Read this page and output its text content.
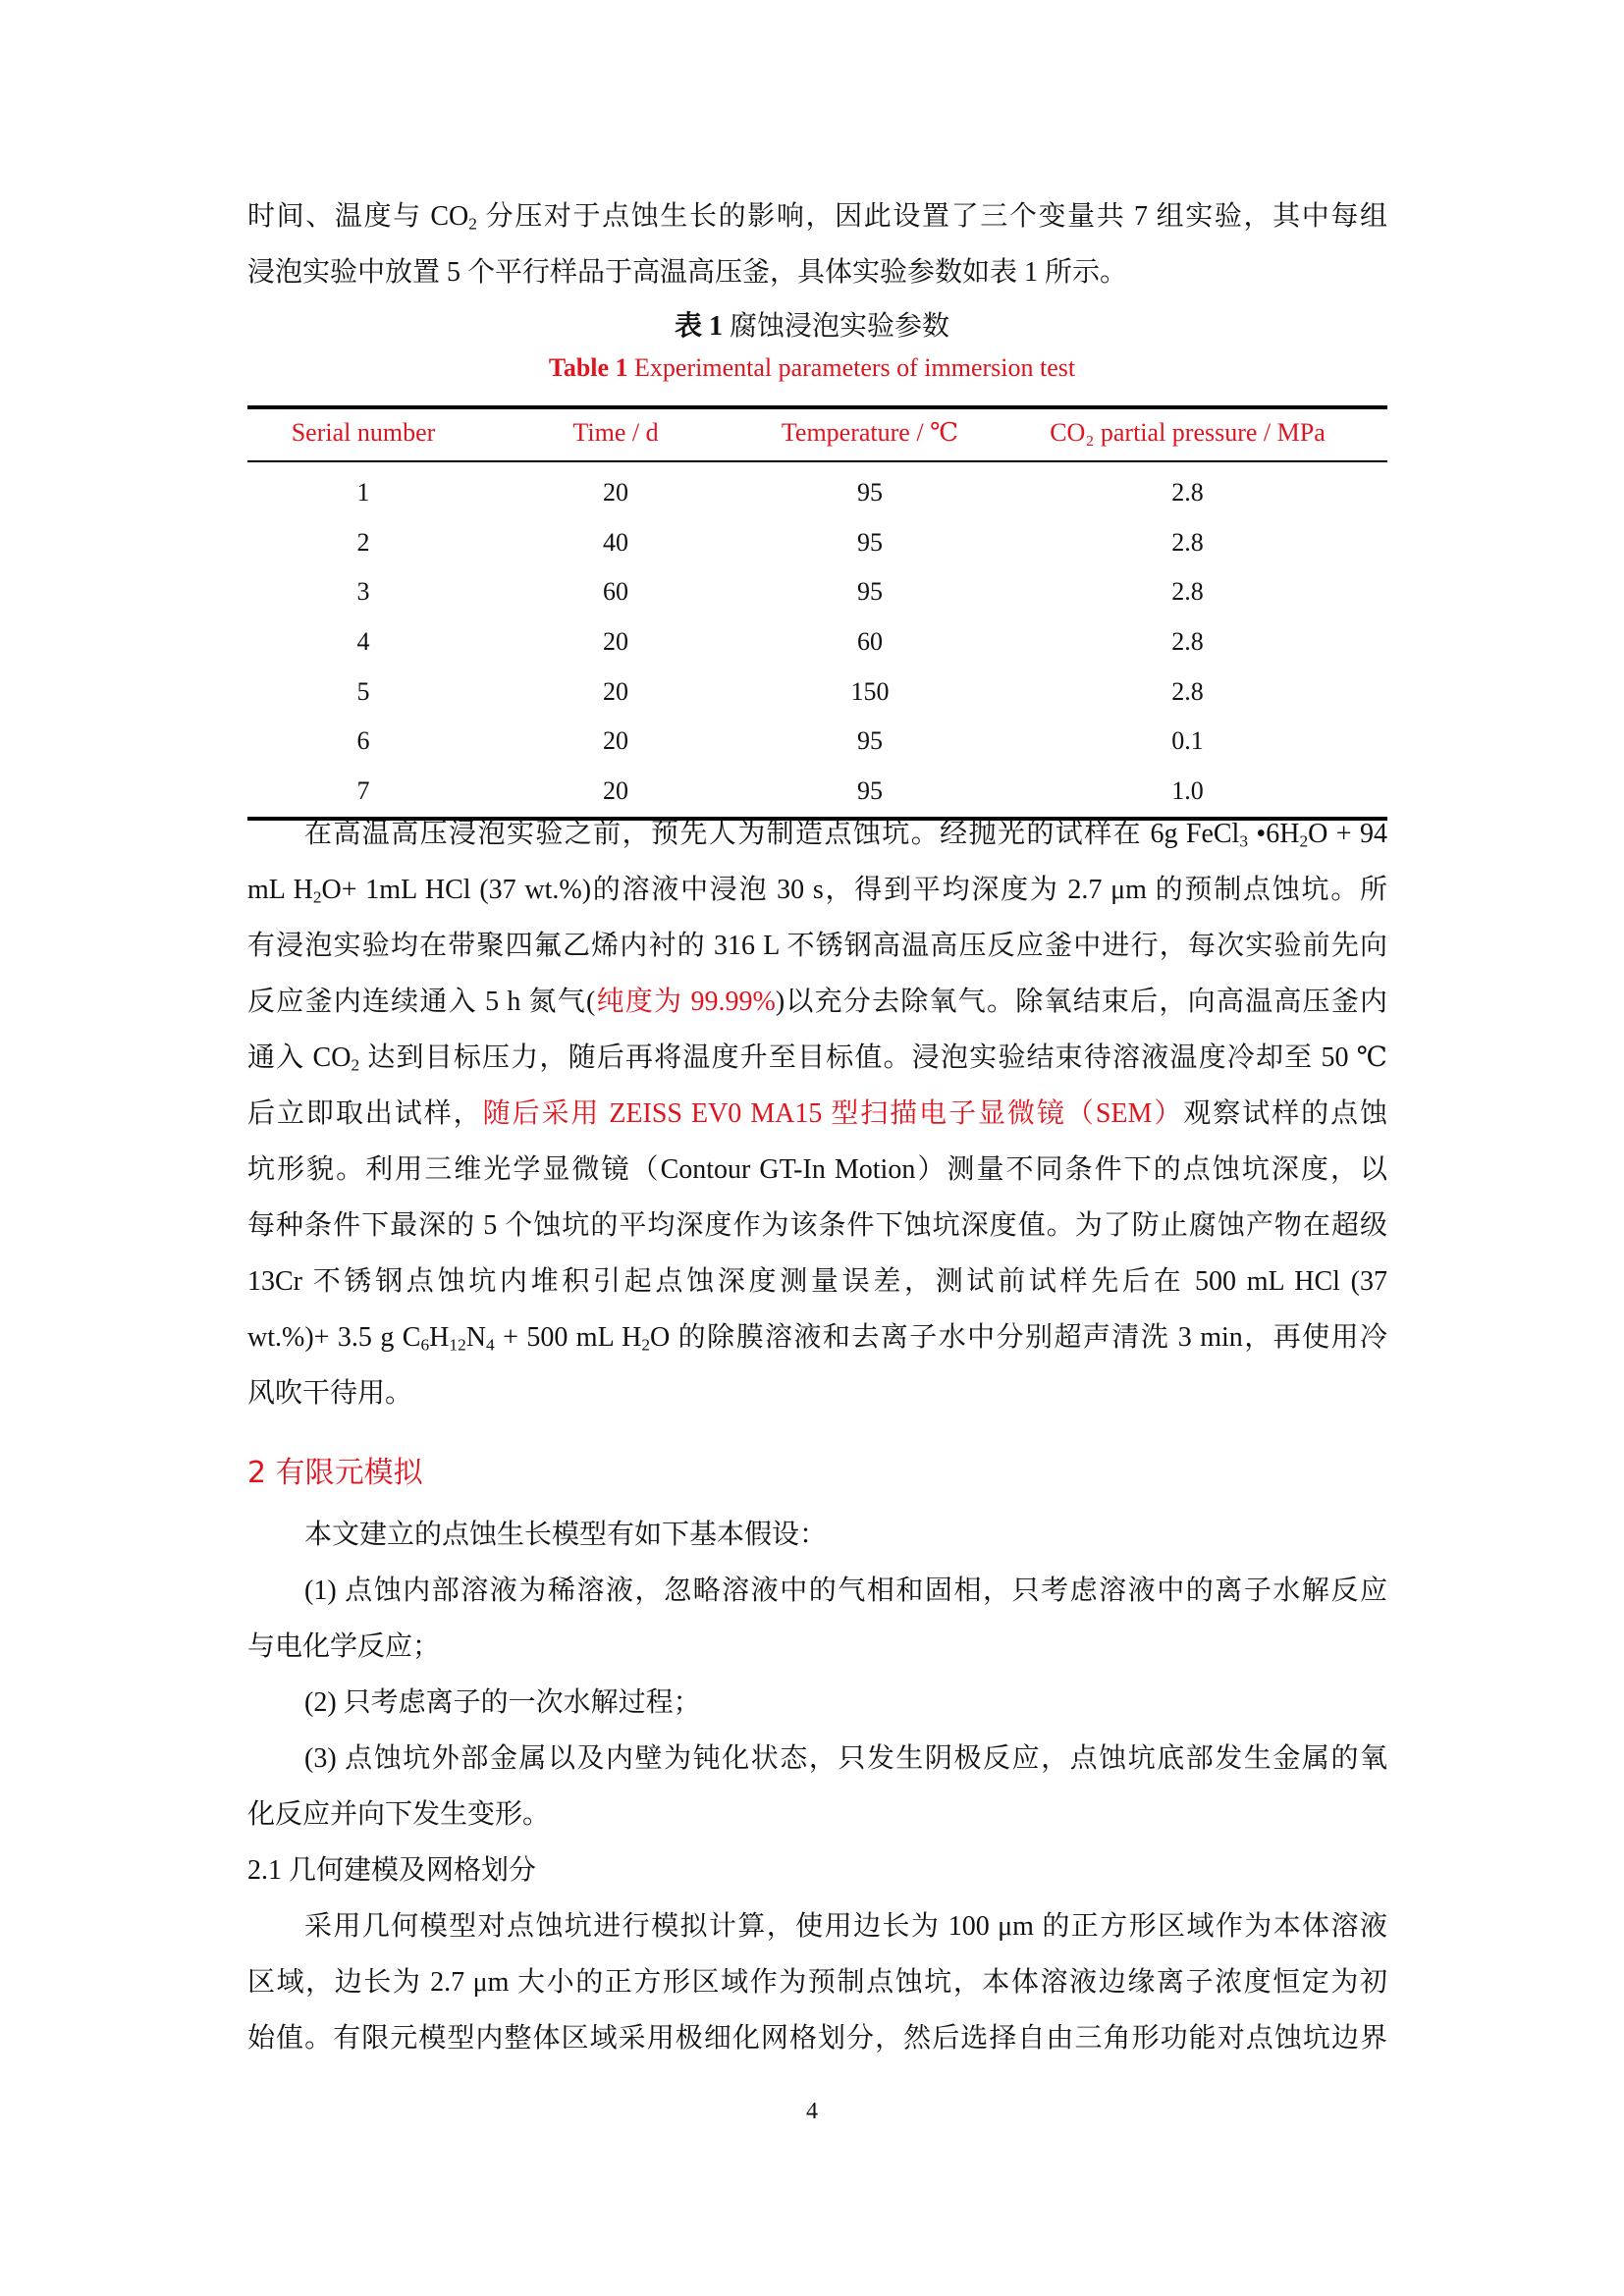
时间、温度与 $CO_2$ 分压对于点蚀生长的影响，因此设置了三个变量共 7 组实验，其中每组
浸泡实验中放置 5 个平行样品于高温高压釜，具体实验参数如表 1 所示。
表 1 腐蚀浸泡实验参数
Table 1 Experimental parameters of immersion test
Serial number	Time / d	Temperature / ℃	CO₂ partial pressure / MPa
1	20	95	2.8
2	40	95	2.8
3	60	95	2.8
4	20	60	2.8
5	20	150	2.8
6	20	95	0.1
7	20	95	1.0
在高温高压浸泡实验之前，预先人为制造点蚀坑。经抛光的试样在 6g FeCl$_3$ $•6H_2O + 94$
mL $H_2O+ 1mL$ HCl (37 wt.%)的溶液中浸泡 30 s，得到平均深度为 2.7 μm 的预制点蚀坑。所
有浸泡实验均在带聚四氟乙烯内衬的 316 L 不锈钢高温高压反应釜中进行，每次实验前先向
反应釜内连续通入 5 h 氮气(纯度为 99.99%)以充分去除氧气。除氧结束后，向高温高压釜内
通入 $CO_2$ 达到目标压力，随后再将温度升至目标值。浸泡实验结束待溶液温度冷却至 50 ℃
后立即取出试样，随后采用 ZEISS EV0 MA15 型扫描电子显微镜（SEM）观察试样的点蚀
坑形貌。利用三维光学显微镜（Contour GT-In Motion）测量不同条件下的点蚀坑深度，以
每种条件下最深的 5 个蚀坑的平均深度作为该条件下蚀坑深度值。为了防止腐蚀产物在超级
13Cr 不锈钢点蚀坑内堆积引起点蚀深度测量误差，测试前试样先后在 500 mL HCl (37
wt.%)+ 3.5 g $C_6H_{12}N_4 + 500$ mL $H_2O$ 的除膜溶液和去离子水中分别超声清洗 3 min，再使用冷
风吹干待用。
2 有限元模拟
本文建立的点蚀生长模型有如下基本假设：
(1) 点蚀内部溶液为稀溶液，忽略溶液中的气相和固相，只考虑溶液中的离子水解反应
与电化学反应；
(2) 只考虑离子的一次水解过程；
(3) 点蚀坑外部金属以及内壁为钝化状态，只发生阴极反应，点蚀坑底部发生金属的氧
化反应并向下发生变形。
2.1 几何建模及网格划分
采用几何模型对点蚀坑进行模拟计算，使用边长为 100 μm 的正方形区域作为本体溶液
区域，边长为 2.7 μm 大小的正方形区域作为预制点蚀坑，本体溶液边缘离子浓度恒定为初
始值。有限元模型内整体区域采用极细化网格划分，然后选择自由三角形功能对点蚀坑边界
4
